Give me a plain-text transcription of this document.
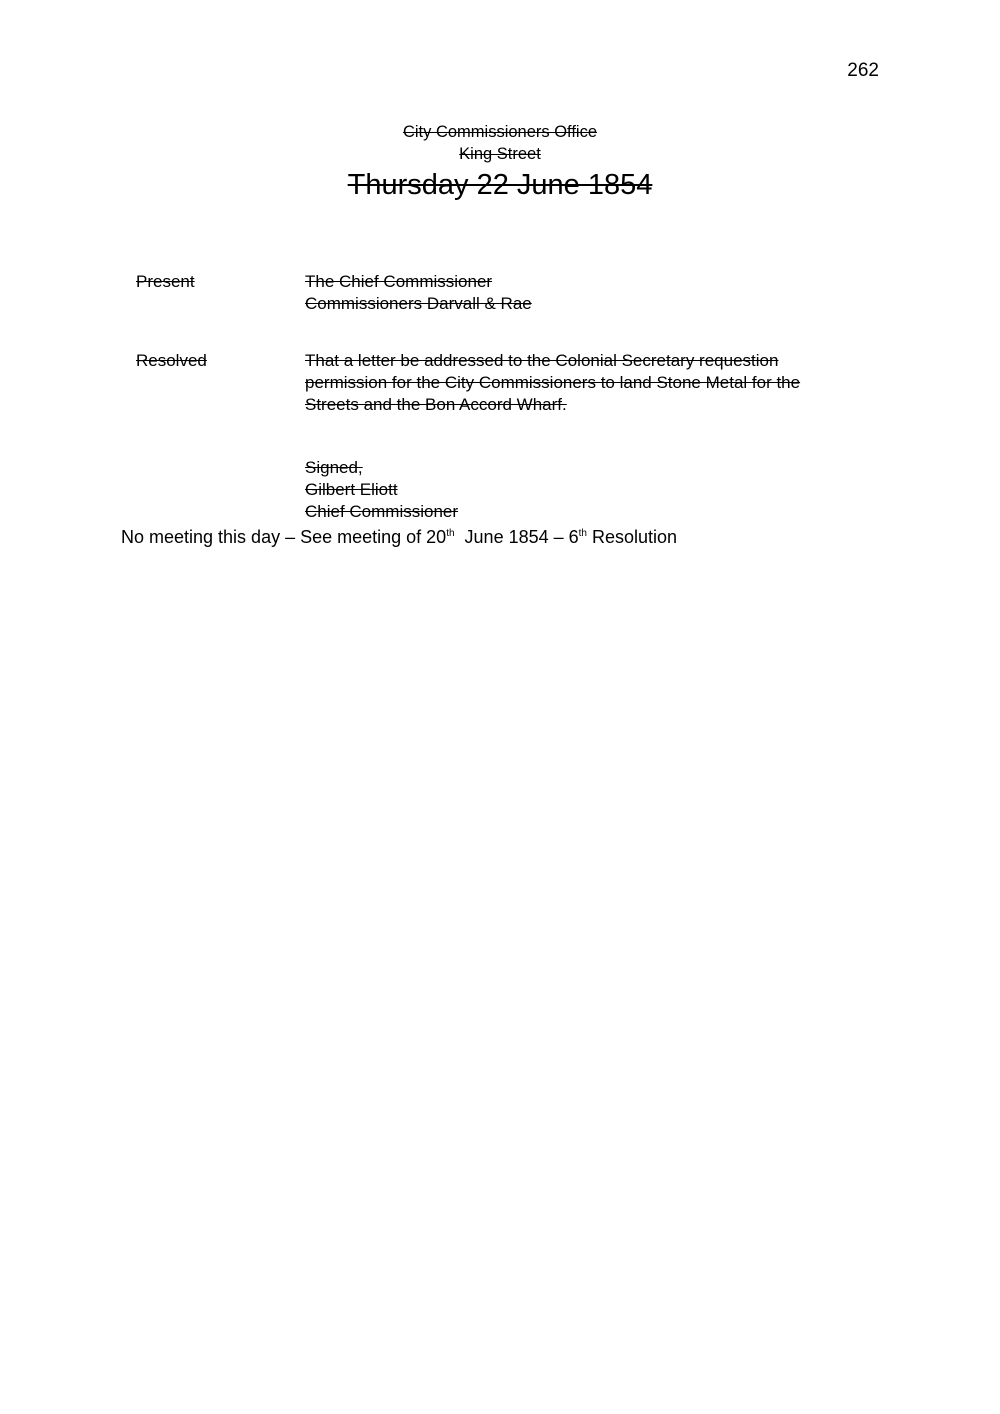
262
City Commissioners Office
King Street
Thursday 22 June 1854
Present	The Chief Commissioner
Commissioners Darvall & Rae
Resolved	That a letter be addressed to the Colonial Secretary requestion
permission for the City Commissioners to land Stone Metal for the
Streets and the Bon Accord Wharf.
Signed,
Gilbert Eliott
Chief Commissioner
No meeting this day – See meeting of 20th  June 1854 – 6th Resolution
